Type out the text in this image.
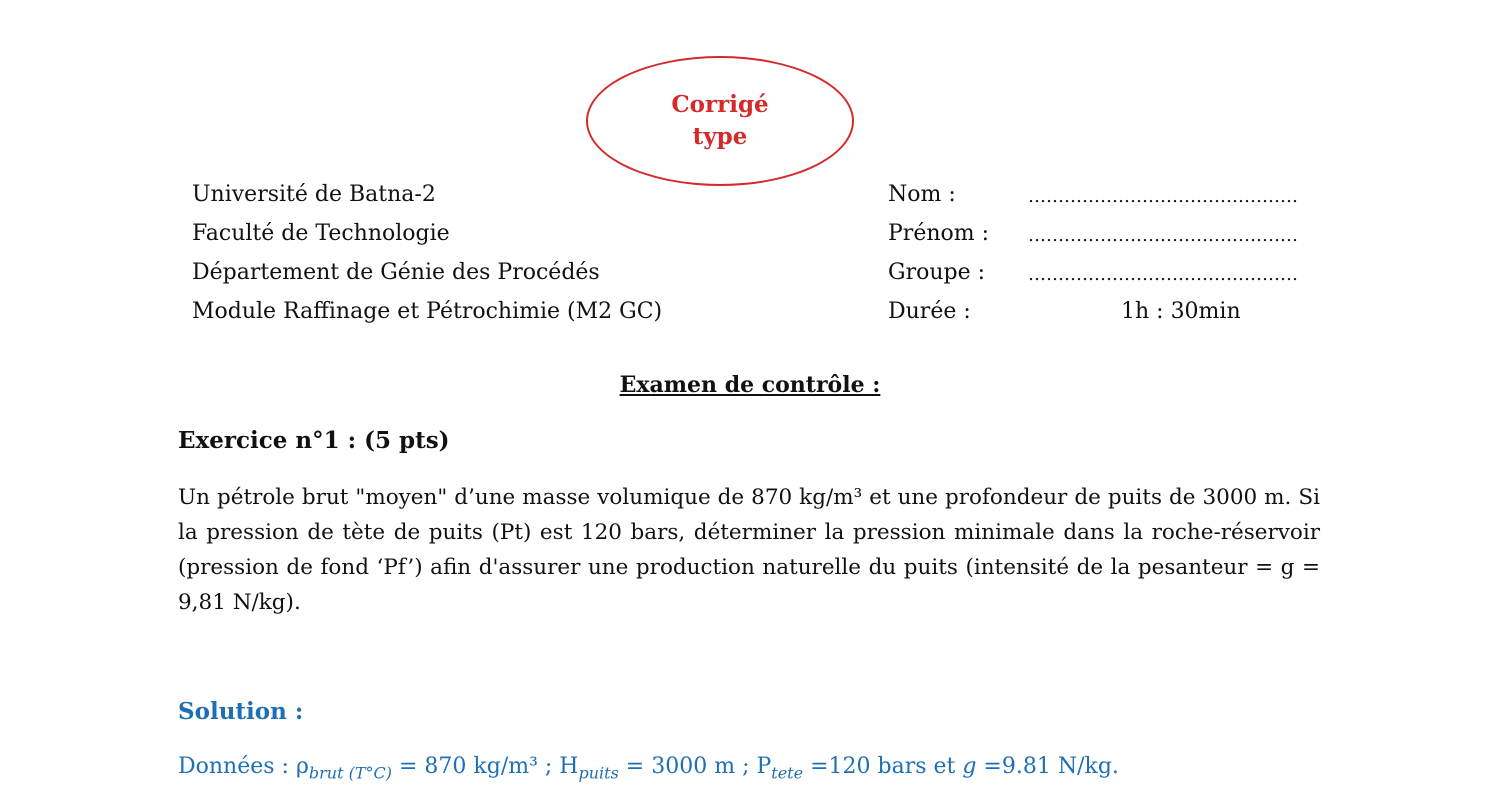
Corrigé
type
Université de Batna-2
Faculté de Technologie
Département de Génie des Procédés
Module Raffinage et Pétrochimie (M2 GC)
Nom :	………………………………………
Prénom : ………………………………………
Groupe : ………………………………………
Durée :	1h : 30min
Examen de contrôle :
Exercice n°1 : (5 pts)

Un pétrole brut "moyen" d’une masse volumique de 870 kg/m³ et une profondeur de puits de 3000 m. Si la pression de tète de puits (Pt) est 120 bars, déterminer la pression minimale dans la roche-réservoir (pression de fond ‘Pf’) afin d'assurer une production naturelle du puits (intensité de la pesanteur = g = 9,81 N/kg).

Solution :
Données : $\rho_{brut (T^\circ C)} = 870$ kg/m³ ; $H_{puits} = 3000$ m ; $P_{tete} =120$ bars et g =9.81 N/kg.
